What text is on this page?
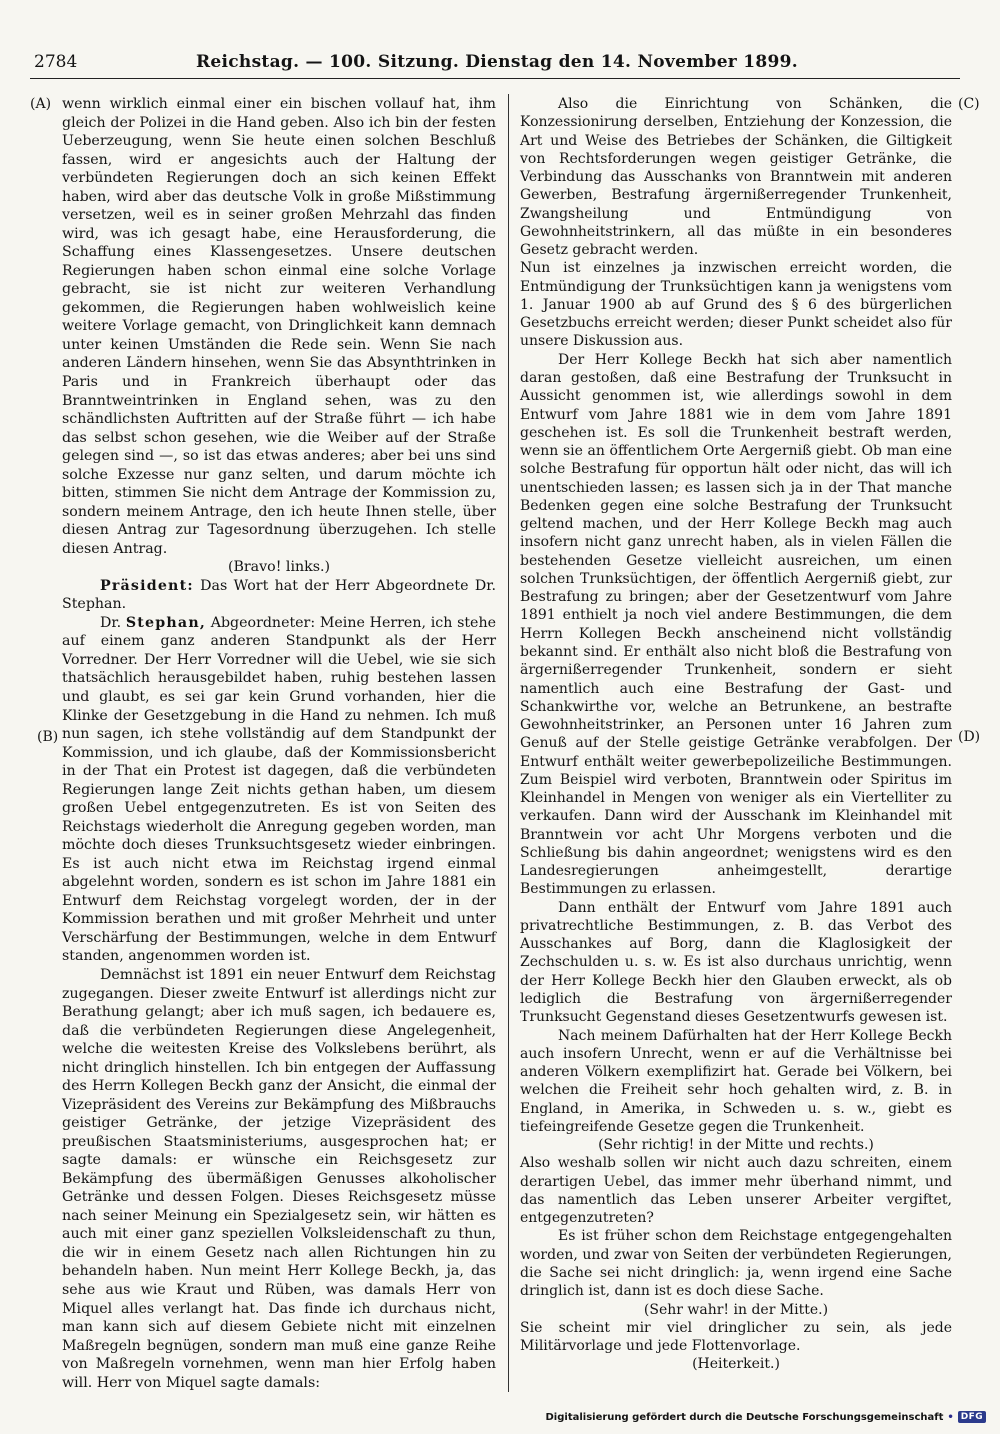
2784	Reichstag. — 100. Sitzung. Dienstag den 14. November 1899.
(A)
(B)
(C)
(D)

wenn wirklich einmal einer ein bischen vollauf hat, ihm gleich der Polizei in die Hand geben. Also ich bin der festen Ueberzeugung, wenn Sie heute einen solchen Beschluß fassen, wird er angesichts auch der Haltung der verbündeten Regierungen doch an sich keinen Effekt haben, wird aber das deutsche Volk in große Mißstimmung versetzen, weil es in seiner großen Mehrzahl das finden wird, was ich gesagt habe, eine Herausforderung, die Schaffung eines Klassengesetzes. Unsere deutschen Regierungen haben schon einmal eine solche Vorlage gebracht, sie ist nicht zur weiteren Verhandlung gekommen, die Regierungen haben wohlweislich keine weitere Vorlage gemacht, von Dringlichkeit kann demnach unter keinen Umständen die Rede sein. Wenn Sie nach anderen Ländern hinsehen, wenn Sie das Absynthtrinken in Paris und in Frankreich überhaupt oder das Branntweintrinken in England sehen, was zu den schändlichsten Auftritten auf der Straße führt — ich habe das selbst schon gesehen, wie die Weiber auf der Straße gelegen sind —, so ist das etwas anderes; aber bei uns sind solche Exzesse nur ganz selten, und darum möchte ich bitten, stimmen Sie nicht dem Antrage der Kommission zu, sondern meinem Antrage, den ich heute Ihnen stelle, über diesen Antrag zur Tagesordnung überzugehen. Ich stelle diesen Antrag.

(Bravo! links.)

Präsident: Das Wort hat der Herr Abgeordnete Dr. Stephan.

Dr. Stephan, Abgeordneter: Meine Herren, ich stehe auf einem ganz anderen Standpunkt als der Herr Vorredner. Der Herr Vorredner will die Uebel, wie sie sich thatsächlich herausgebildet haben, ruhig bestehen lassen und glaubt, es sei gar kein Grund vorhanden, hier die Klinke der Gesetzgebung in die Hand zu nehmen. Ich muß nun sagen, ich stehe vollständig auf dem Standpunkt der Kommission, und ich glaube, daß der Kommissionsbericht in der That ein Protest ist dagegen, daß die verbündeten Regierungen lange Zeit nichts gethan haben, um diesem großen Uebel entgegenzutreten. Es ist von Seiten des Reichstags wiederholt die Anregung gegeben worden, man möchte doch dieses Trunksuchtsgesetz wieder einbringen. Es ist auch nicht etwa im Reichstag irgend einmal abgelehnt worden, sondern es ist schon im Jahre 1881 ein Entwurf dem Reichstag vorgelegt worden, der in der Kommission berathen und mit großer Mehrheit und unter Verschärfung der Bestimmungen, welche in dem Entwurf standen, angenommen worden ist.

Demnächst ist 1891 ein neuer Entwurf dem Reichstag zugegangen. Dieser zweite Entwurf ist allerdings nicht zur Berathung gelangt; aber ich muß sagen, ich bedauere es, daß die verbündeten Regierungen diese Angelegenheit, welche die weitesten Kreise des Volkslebens berührt, als nicht dringlich hinstellen. Ich bin entgegen der Auffassung des Herrn Kollegen Beckh ganz der Ansicht, die einmal der Vizepräsident des Vereins zur Bekämpfung des Mißbrauchs geistiger Getränke, der jetzige Vizepräsident des preußischen Staatsministeriums, ausgesprochen hat; er sagte damals: er wünsche ein Reichsgesetz zur Bekämpfung des übermäßigen Genusses alkoholischer Getränke und dessen Folgen. Dieses Reichsgesetz müsse nach seiner Meinung ein Spezialgesetz sein, wir hätten es auch mit einer ganz speziellen Volksleidenschaft zu thun, die wir in einem Gesetz nach allen Richtungen hin zu behandeln haben. Nun meint Herr Kollege Beckh, ja, das sehe aus wie Kraut und Rüben, was damals Herr von Miquel alles verlangt hat. Das finde ich durchaus nicht, man kann sich auf diesem Gebiete nicht mit einzelnen Maßregeln begnügen, sondern man muß eine ganze Reihe von Maßregeln vornehmen, wenn man hier Erfolg haben will. Herr von Miquel sagte damals:

Also die Einrichtung von Schänken, die Konzessionirung derselben, Entziehung der Konzession, die Art und Weise des Betriebes der Schänken, die Giltigkeit von Rechtsforderungen wegen geistiger Getränke, die Verbindung das Ausschanks von Branntwein mit anderen Gewerben, Bestrafung ärgernißerregender Trunkenheit, Zwangsheilung und Entmündigung von Gewohnheitstrinkern, all das müßte in ein besonderes Gesetz gebracht werden.

Nun ist einzelnes ja inzwischen erreicht worden, die Entmündigung der Trunksüchtigen kann ja wenigstens vom 1. Januar 1900 ab auf Grund des § 6 des bürgerlichen Gesetzbuchs erreicht werden; dieser Punkt scheidet also für unsere Diskussion aus.

Der Herr Kollege Beckh hat sich aber namentlich daran gestoßen, daß eine Bestrafung der Trunksucht in Aussicht genommen ist, wie allerdings sowohl in dem Entwurf vom Jahre 1881 wie in dem vom Jahre 1891 geschehen ist. Es soll die Trunkenheit bestraft werden, wenn sie an öffentlichem Orte Aergerniß giebt. Ob man eine solche Bestrafung für opportun hält oder nicht, das will ich unentschieden lassen; es lassen sich ja in der That manche Bedenken gegen eine solche Bestrafung der Trunksucht geltend machen, und der Herr Kollege Beckh mag auch insofern nicht ganz unrecht haben, als in vielen Fällen die bestehenden Gesetze vielleicht ausreichen, um einen solchen Trunksüchtigen, der öffentlich Aergerniß giebt, zur Bestrafung zu bringen; aber der Gesetzentwurf vom Jahre 1891 enthielt ja noch viel andere Bestimmungen, die dem Herrn Kollegen Beckh anscheinend nicht vollständig bekannt sind. Er enthält also nicht bloß die Bestrafung von ärgernißerregender Trunkenheit, sondern er sieht namentlich auch eine Bestrafung der Gast- und Schankwirthe vor, welche an Betrunkene, an bestrafte Gewohnheitstrinker, an Personen unter 16 Jahren zum Genuß auf der Stelle geistige Getränke verabfolgen. Der Entwurf enthält weiter gewerbepolizeiliche Bestimmungen. Zum Beispiel wird verboten, Branntwein oder Spiritus im Kleinhandel in Mengen von weniger als ein Viertelliter zu verkaufen. Dann wird der Ausschank im Kleinhandel mit Branntwein vor acht Uhr Morgens verboten und die Schließung bis dahin angeordnet; wenigstens wird es den Landesregierungen anheimgestellt, derartige Bestimmungen zu erlassen.

Dann enthält der Entwurf vom Jahre 1891 auch privatrechtliche Bestimmungen, z. B. das Verbot des Ausschankes auf Borg, dann die Klaglosigkeit der Zechschulden u. s. w. Es ist also durchaus unrichtig, wenn der Herr Kollege Beckh hier den Glauben erweckt, als ob lediglich die Bestrafung von ärgernißerregender Trunksucht Gegenstand dieses Gesetzentwurfs gewesen ist.

Nach meinem Dafürhalten hat der Herr Kollege Beckh auch insofern Unrecht, wenn er auf die Verhältnisse bei anderen Völkern exemplifizirt hat. Gerade bei Völkern, bei welchen die Freiheit sehr hoch gehalten wird, z. B. in England, in Amerika, in Schweden u. s. w., giebt es tiefeingreifende Gesetze gegen die Trunkenheit.

(Sehr richtig! in der Mitte und rechts.)

Also weshalb sollen wir nicht auch dazu schreiten, einem derartigen Uebel, das immer mehr überhand nimmt, und das namentlich das Leben unserer Arbeiter vergiftet, entgegenzutreten?

Es ist früher schon dem Reichstage entgegengehalten worden, und zwar von Seiten der verbündeten Regierungen, die Sache sei nicht dringlich: ja, wenn irgend eine Sache dringlich ist, dann ist es doch diese Sache.

(Sehr wahr! in der Mitte.)

Sie scheint mir viel dringlicher zu sein, als jede Militärvorlage und jede Flottenvorlage.

(Heiterkeit.)

Digitalisierung gefördert durch die Deutsche Forschungsgemeinschaft • DFG
